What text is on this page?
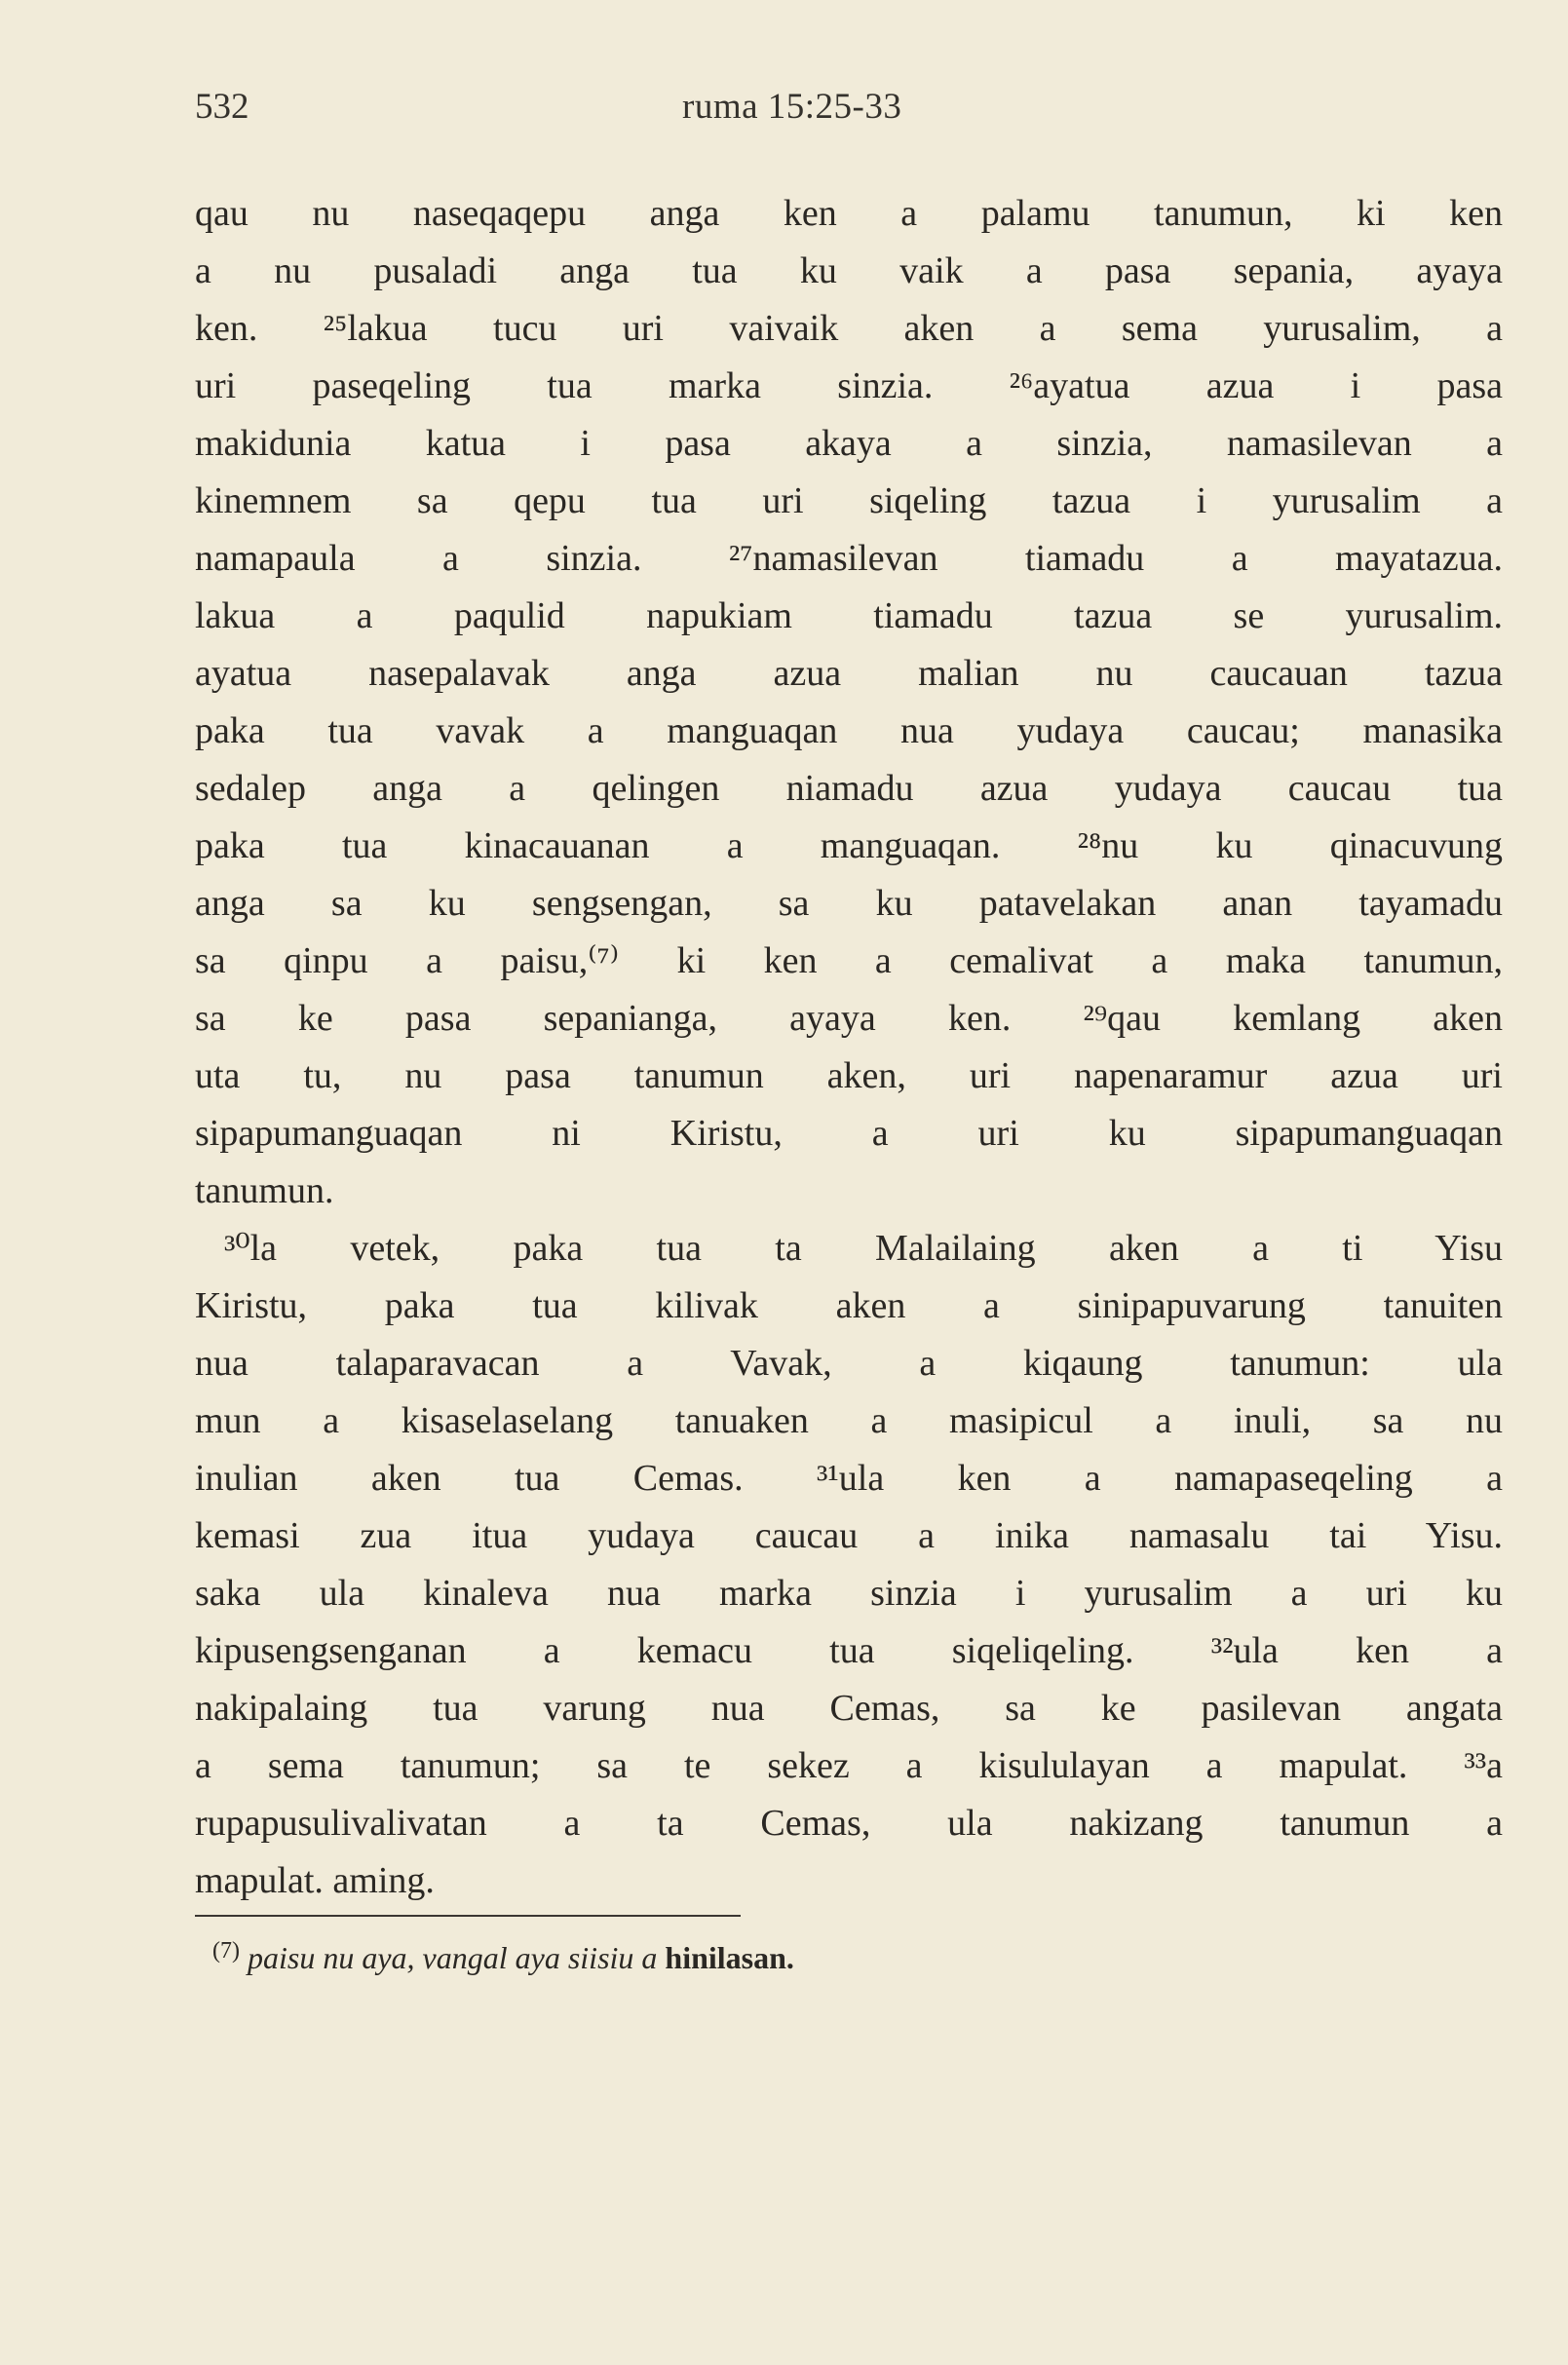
532	ruma 15:25-33
qau nu naseqaqepu anga ken a palamu tanumun, ki ken
a nu pusaladi anga tua ku vaik a pasa sepania, ayaya
ken. ²⁵lakua tucu uri vaivaik aken a sema yurusalim, a
uri paseqeling tua marka sinzia. ²⁶ayatua azua i pasa
makidunia katua i pasa akaya a sinzia, namasilevan a
kinemnem sa qepu tua uri siqeling tazua i yurusalim a
namapaula a sinzia. ²⁷namasilevan tiamadu a mayatazua.
lakua a paqulid napukiam tiamadu tazua se yurusalim.
ayatua nasepalavak anga azua malian nu caucauan tazua
paka tua vavak a manguaqan nua yudaya caucau; manasika
sedalep anga a qelingen niamadu azua yudaya caucau tua
paka tua kinacauanan a manguaqan. ²⁸nu ku qinacuvung
anga sa ku sengsengan, sa ku patavelakan anan tayamadu
sa qinpu a paisu,⁽⁷⁾ ki ken a cemalivat a maka tanumun,
sa ke pasa sepanianga, ayaya ken. ²⁹qau kemlang aken
uta tu, nu pasa tanumun aken, uri napenaramur azua uri
sipapumanguaqan ni Kiristu, a uri ku sipapumanguaqan
tanumun.
³⁰la vetek, paka tua ta Malailaing aken a ti Yisu
Kiristu, paka tua kilivak aken a sinipapuvarung tanuiten
nua talaparavacan a Vavak, a kiqaung tanumun: ula
mun a kisaselaselang tanuaken a masipicul a inuli, sa nu
inulian aken tua Cemas. ³¹ula ken a namapaseqeling a
kemasi zua itua yudaya caucau a inika namasalu tai Yisu.
saka ula kinaleva nua marka sinzia i yurusalim a uri ku
kipusengsenganan a kemacu tua siqeliqeling. ³²ula ken a
nakipalaing tua varung nua Cemas, sa ke pasilevan angata
a sema tanumun; sa te sekez a kisululayan a mapulat. ³³a
rupapusulivalivatan a ta Cemas, ula nakizang tanumun a
mapulat. aming.
$^{(7)}$ paisu nu aya, vangal aya siisiu a hinilasan.
